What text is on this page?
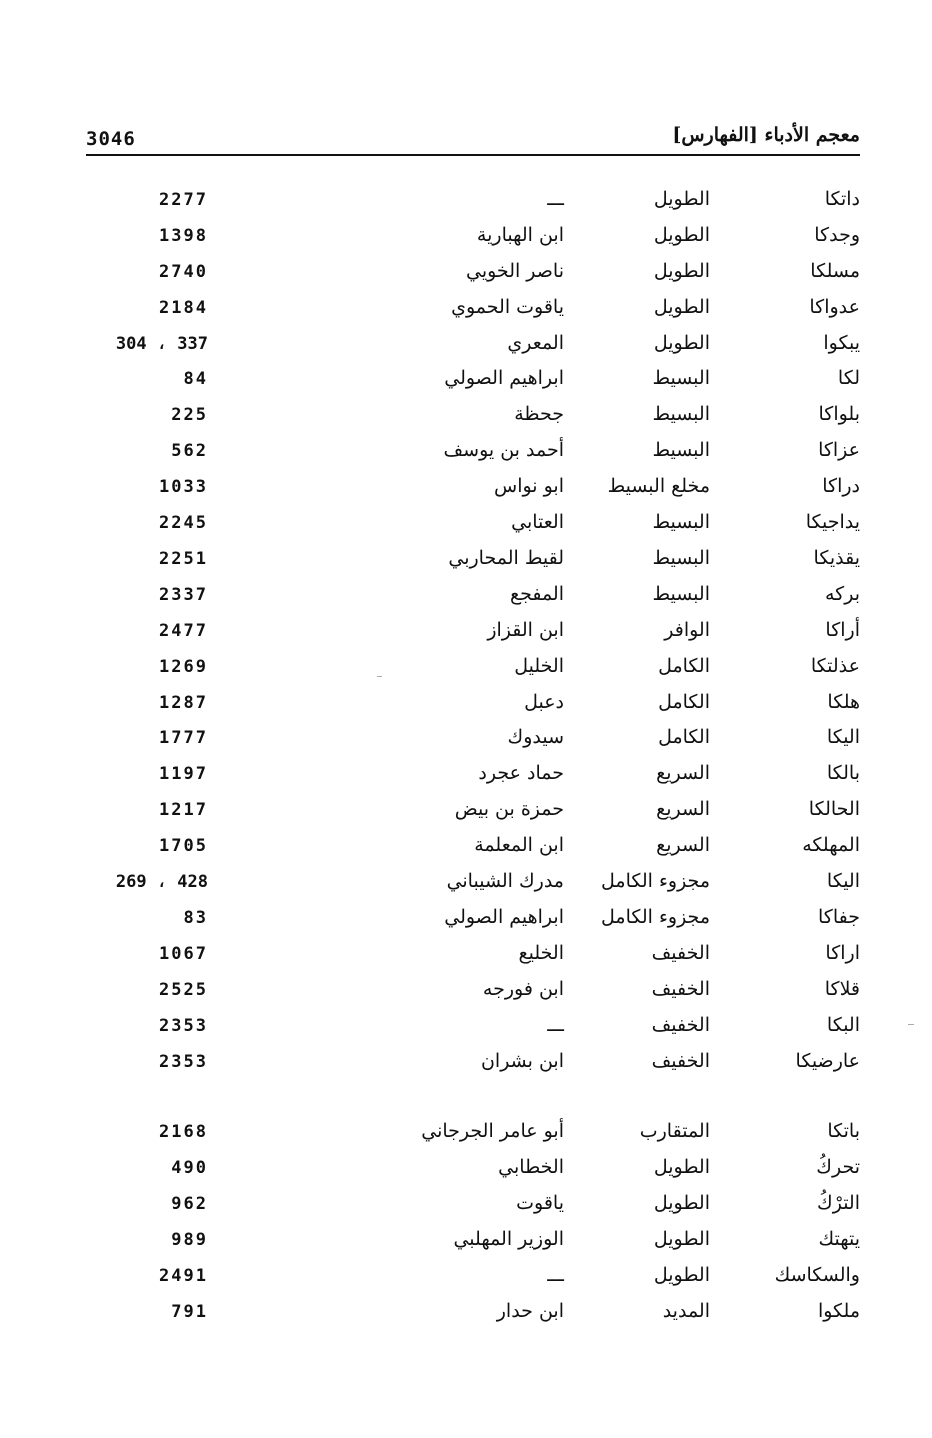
3046	معجم الأدباء [الفهارس]
داتكا
الطويل
ـــ
2277
وجدكا
الطويل
ابن الهبارية
1398
مسلكا
الطويل
ناصر الخويي
2740
عدواكا
الطويل
ياقوت الحموي
2184
يبكوا
الطويل
المعري
304 ، 337
لكا
البسيط
ابراهيم الصولي
84
بلواكا
البسيط
جحظة
225
عزاكا
البسيط
أحمد بن يوسف
562
دراكا
مخلع البسيط
ابو نواس
1033
يداجيكا
البسيط
العتابي
2245
يقذيكا
البسيط
لقيط المحاربي
2251
بركه
البسيط
المفجع
2337
أراكا
الوافر
ابن القزاز
2477
عذلتكا
الكامل
الخليل
1269
هلكا
الكامل
دعبل
1287
اليكا
الكامل
سيدوك
1777
بالكا
السريع
حماد عجرد
1197
الحالكا
السريع
حمزة بن بيض
1217
المهلكه
السريع
ابن المعلمة
1705
اليكا
مجزوء الكامل
مدرك الشيباني
269 ، 428
جفاكا
مجزوء الكامل
ابراهيم الصولي
83
اراكا
الخفيف
الخليع
1067
قلاكا
الخفيف
ابن فورجه
2525
البكا
الخفيف
ـــ
2353
عارضيكا
الخفيف
ابن بشران
2353
باتكا
المتقارب
أبو عامر الجرجاني
2168
تحركُ
الطويل
الخطابي
490
الترْكُ
الطويل
ياقوت
962
يتهتك
الطويل
الوزير المهلبي
989
والسكاسك
الطويل
ـــ
2491
ملكوا
المديد
ابن حدار
791
